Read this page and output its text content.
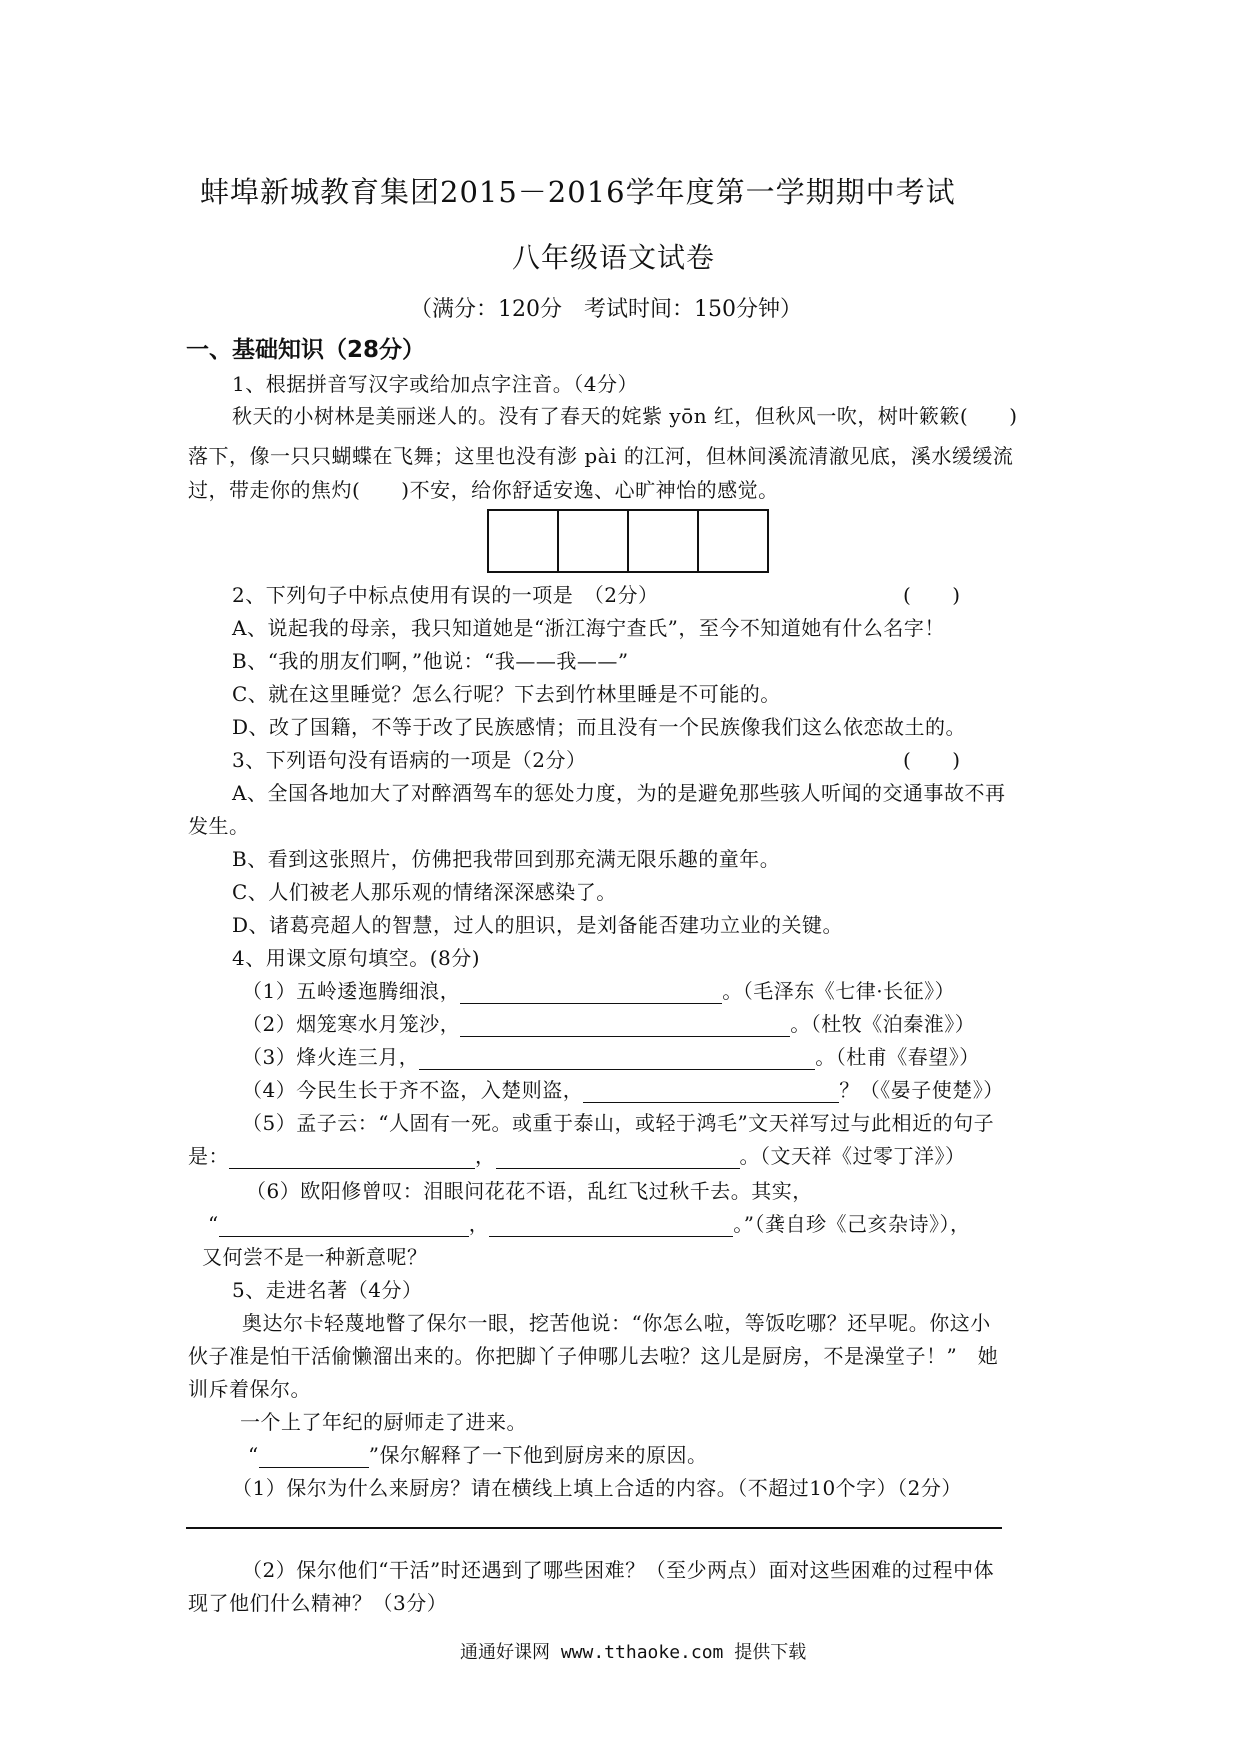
蚌埠新城教育集团2015－2016学年度第一学期期中考试
八年级语文试卷
（满分：120分　考试时间：150分钟）
一、基础知识（28分）
1、根据拼音写汉字或给加点字注音。（4分）
秋天的小树林是美丽迷人的。没有了春天的姹紫 yōn 红，但秋风一吹，树叶簌簌(　　)
落下，像一只只蝴蝶在飞舞；这里也没有澎 pài 的江河，但林间溪流清澈见底，溪水缓缓流
过，带走你的焦灼(　　)不安，给你舒适安逸、心旷神怡的感觉。
2、下列句子中标点使用有误的一项是　（2分）	(　　)
A、说起我的母亲，我只知道她是“浙江海宁查氏”，至今不知道她有什么名字！
B、“我的朋友们啊，”他说：“我——我——”
C、就在这里睡觉？怎么行呢？下去到竹林里睡是不可能的。
D、改了国籍，不等于改了民族感情；而且没有一个民族像我们这么依恋故土的。
3、下列语句没有语病的一项是（2分）	(　　)
A、全国各地加大了对醉酒驾车的惩处力度，为的是避免那些骇人听闻的交通事故不再
发生。
B、看到这张照片，仿佛把我带回到那充满无限乐趣的童年。
C、人们被老人那乐观的情绪深深感染了。
D、诸葛亮超人的智慧，过人的胆识，是刘备能否建功立业的关键。
4、用课文原句填空。(8分)
（1）五岭逶迤腾细浪，	。（毛泽东《七律·长征》）
（2）烟笼寒水月笼沙，	。（杜牧《泊秦淮》）
（3）烽火连三月，	。（杜甫《春望》）
（4）今民生长于齐不盗，入楚则盗，	？（《晏子使楚》）
（5）孟子云：“人固有一死。或重于泰山，或轻于鸿毛”文天祥写过与此相近的句子
是：	，	。（文天祥《过零丁洋》）
（6）欧阳修曾叹：泪眼问花花不语，乱红飞过秋千去。其实，
“	，	。”（龚自珍《己亥杂诗》），
又何尝不是一种新意呢？
5、走进名著（4分）
奥达尔卡轻蔑地瞥了保尔一眼，挖苦他说：“你怎么啦，等饭吃哪？还早呢。你这小
伙子准是怕干活偷懒溜出来的。你把脚丫子伸哪儿去啦？这儿是厨房，不是澡堂子！”　她
训斥着保尔。
一个上了年纪的厨师走了进来。
“	”保尔解释了一下他到厨房来的原因。
（1）保尔为什么来厨房？请在横线上填上合适的内容。（不超过10个字）（2分）
（2）保尔他们“干活”时还遇到了哪些困难？（至少两点）面对这些困难的过程中体
现了他们什么精神？（3分）
通通好课网 www.tthaoke.com 提供下载
